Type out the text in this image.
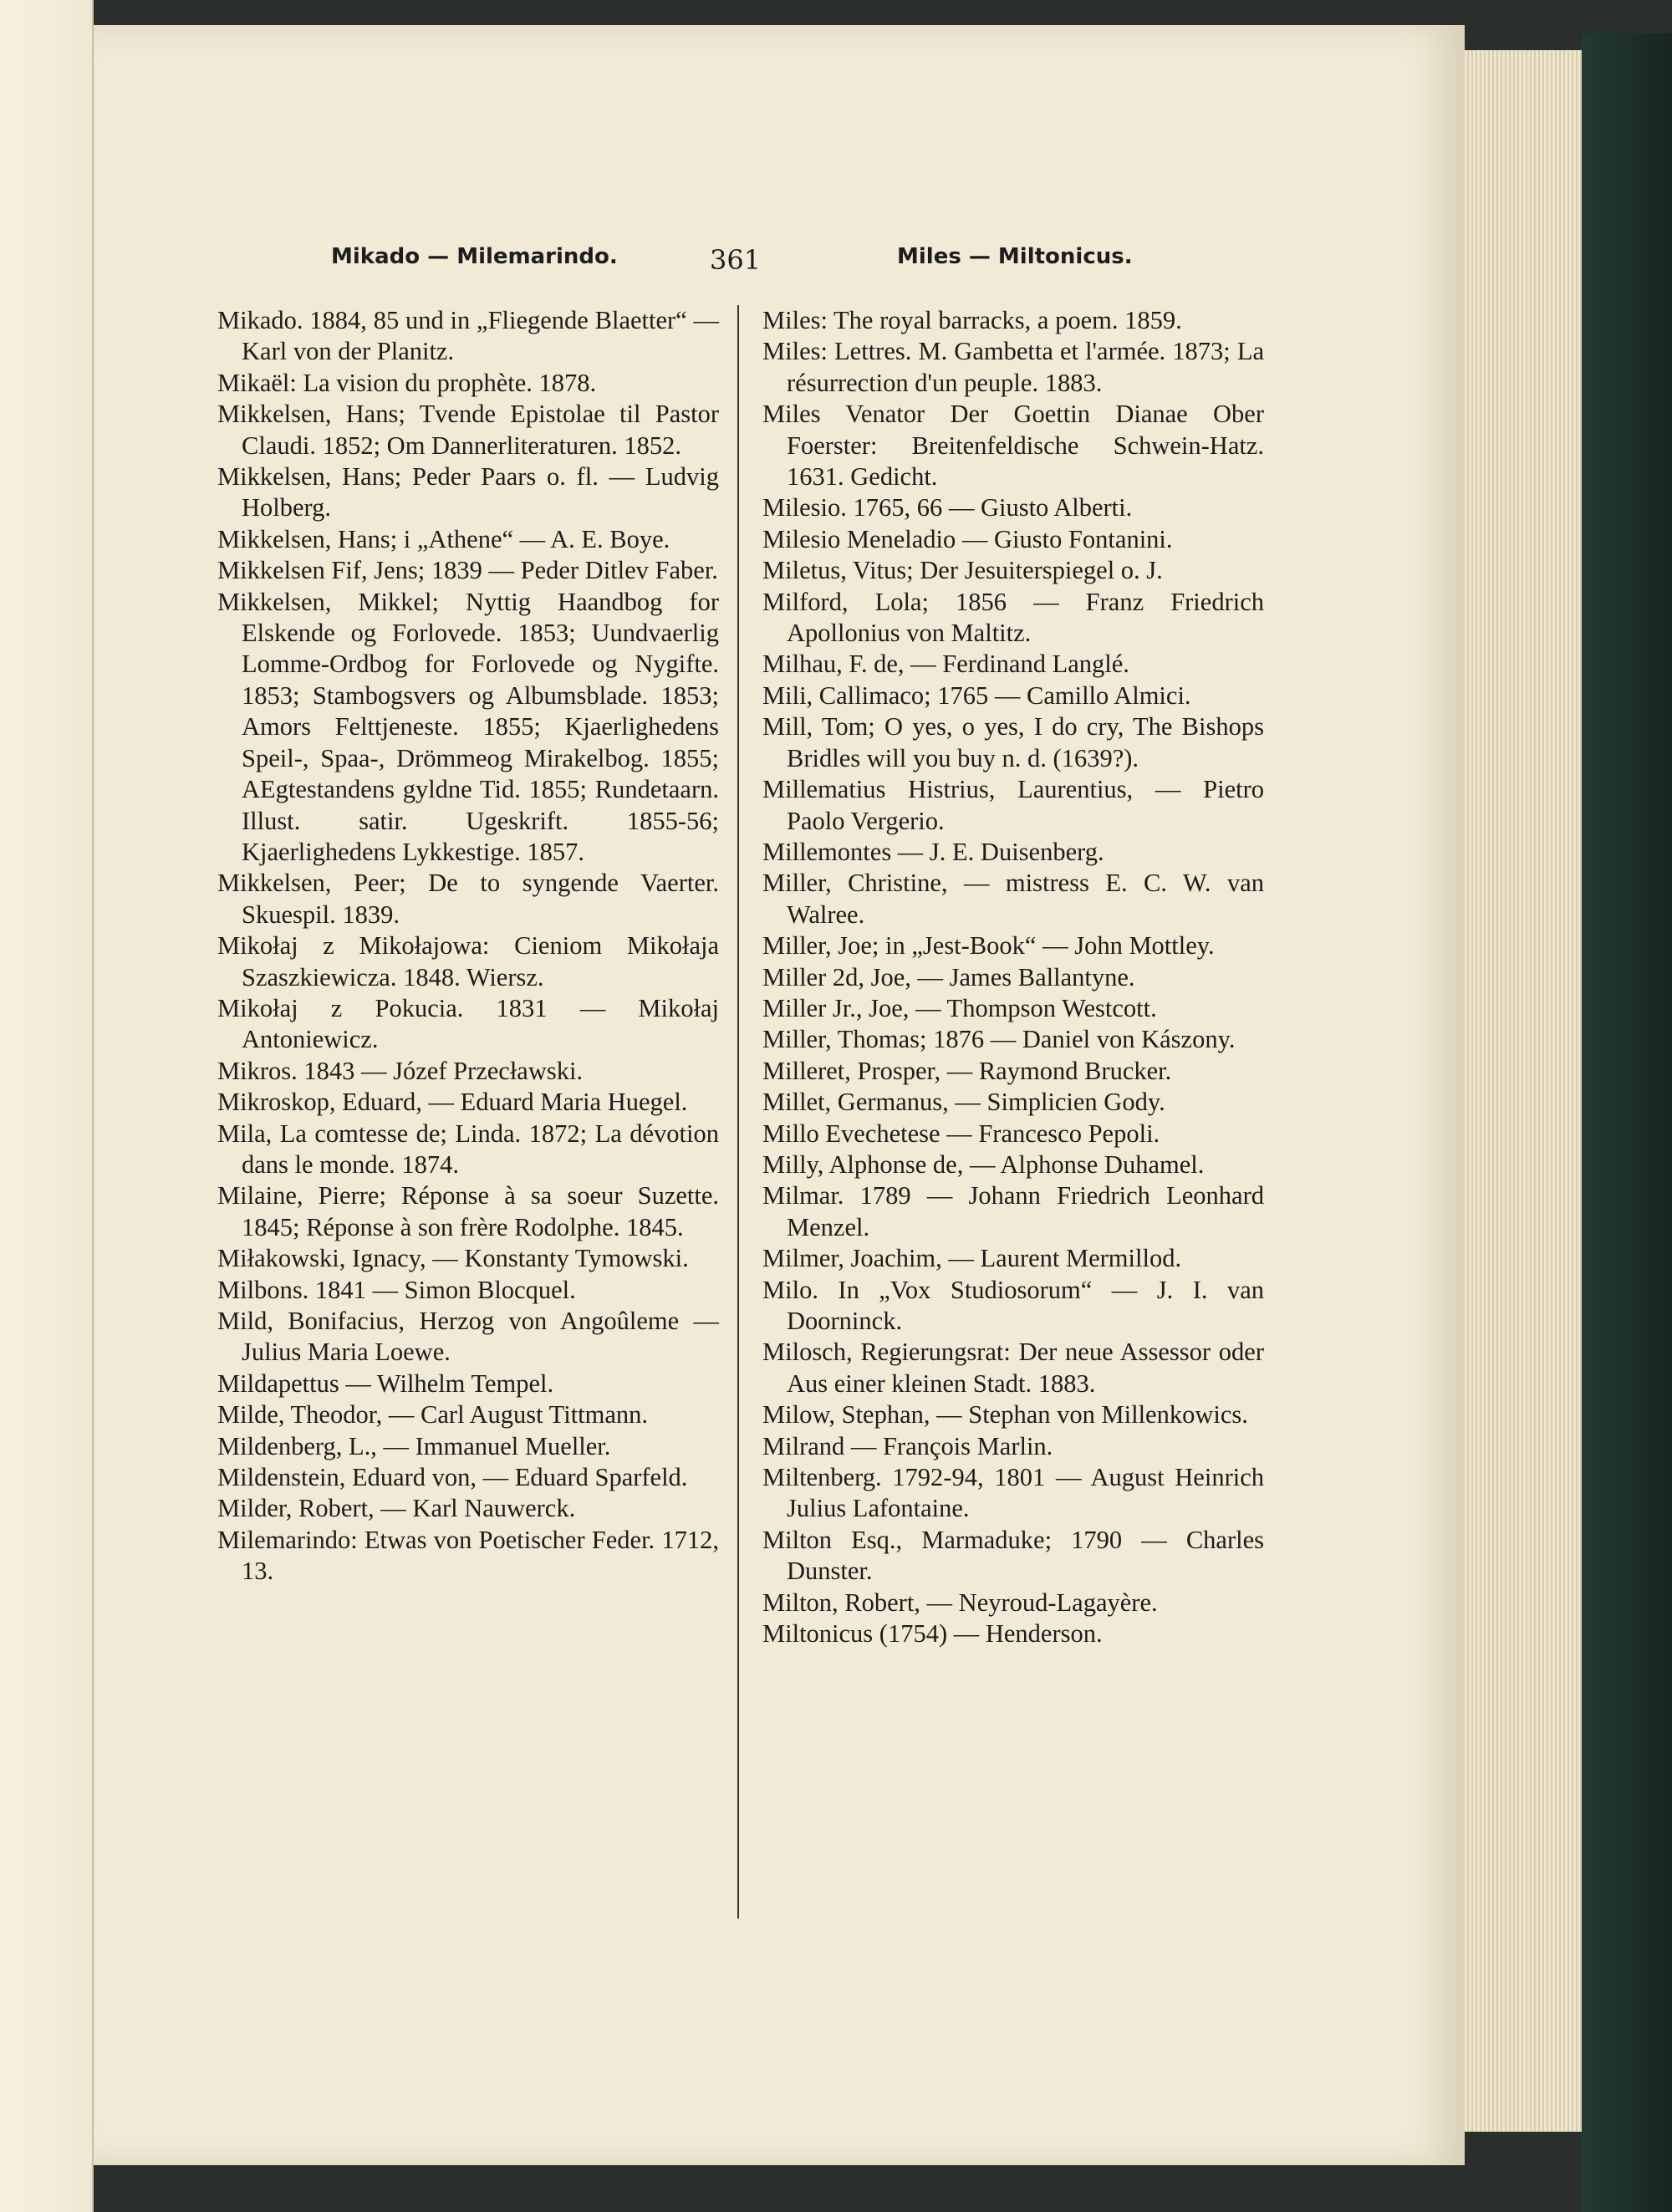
Mikado — Milemarindo.	361	Miles — Miltonicus.

Mikado. 1884, 85 und in „Fliegende Blaetter“ — Karl von der Planitz.

Mikaël: La vision du prophète. 1878.

Mikkelsen, Hans; Tvende Epistolae til Pastor Claudi. 1852; Om Dannerliteraturen. 1852.

Mikkelsen, Hans; Peder Paars o. fl. — Ludvig Holberg.

Mikkelsen, Hans; i „Athene“ — A. E. Boye.

Mikkelsen Fif, Jens; 1839 — Peder Ditlev Faber.

Mikkelsen, Mikkel; Nyttig Haandbog for Elskende og Forlovede. 1853; Uundvaerlig Lomme-Ordbog for Forlovede og Nygifte. 1853; Stambogsvers og Albumsblade. 1853; Amors Felttjeneste. 1855; Kjaerlighedens Speil-, Spaa-, Drömmeog Mirakelbog. 1855; AEgtestandens gyldne Tid. 1855; Rundetaarn. Illust. satir. Ugeskrift. 1855-56; Kjaerlighedens Lykkestige. 1857.

Mikkelsen, Peer; De to syngende Vaerter. Skuespil. 1839.

Mikołaj z Mikołajowa: Cieniom Mikołaja Szaszkiewicza. 1848. Wiersz.

Mikołaj z Pokucia. 1831 — Mikołaj Antoniewicz.

Mikros. 1843 — Józef Przecławski.

Mikroskop, Eduard, — Eduard Maria Huegel.

Mila, La comtesse de; Linda. 1872; La dévotion dans le monde. 1874.

Milaine, Pierre; Réponse à sa soeur Suzette. 1845; Réponse à son frère Rodolphe. 1845.

Miłakowski, Ignacy, — Konstanty Tymowski.

Milbons. 1841 — Simon Blocquel.

Mild, Bonifacius, Herzog von Angoûleme — Julius Maria Loewe.

Mildapettus — Wilhelm Tempel.

Milde, Theodor, — Carl August Tittmann.

Mildenberg, L., — Immanuel Mueller.

Mildenstein, Eduard von, — Eduard Sparfeld.

Milder, Robert, — Karl Nauwerck.

Milemarindo: Etwas von Poetischer Feder. 1712, 13.

Miles: The royal barracks, a poem. 1859.

Miles: Lettres. M. Gambetta et l'armée. 1873; La résurrection d'un peuple. 1883.

Miles Venator Der Goettin Dianae Ober Foerster: Breitenfeldische Schwein-Hatz. 1631. Gedicht.

Milesio. 1765, 66 — Giusto Alberti.

Milesio Meneladio — Giusto Fontanini.

Miletus, Vitus; Der Jesuiterspiegel o. J.

Milford, Lola; 1856 — Franz Friedrich Apollonius von Maltitz.

Milhau, F. de, — Ferdinand Langlé.

Mili, Callimaco; 1765 — Camillo Almici.

Mill, Tom; O yes, o yes, I do cry, The Bishops Bridles will you buy n. d. (1639?).

Millematius Histrius, Laurentius, — Pietro Paolo Vergerio.

Millemontes — J. E. Duisenberg.

Miller, Christine, — mistress E. C. W. van Walree.

Miller, Joe; in „Jest-Book“ — John Mottley.

Miller 2d, Joe, — James Ballantyne.

Miller Jr., Joe, — Thompson Westcott.

Miller, Thomas; 1876 — Daniel von Kászony.

Milleret, Prosper, — Raymond Brucker.

Millet, Germanus, — Simplicien Gody.

Millo Evechetese — Francesco Pepoli.

Milly, Alphonse de, — Alphonse Duhamel.

Milmar. 1789 — Johann Friedrich Leonhard Menzel.

Milmer, Joachim, — Laurent Mermillod.

Milo. In „Vox Studiosorum“ — J. I. van Doorninck.

Milosch, Regierungsrat: Der neue Assessor oder Aus einer kleinen Stadt. 1883.

Milow, Stephan, — Stephan von Millenkowics.

Milrand — François Marlin.

Miltenberg. 1792-94, 1801 — August Heinrich Julius Lafontaine.

Milton Esq., Marmaduke; 1790 — Charles Dunster.

Milton, Robert, — Neyroud-Lagayère.

Miltonicus (1754) — Henderson.
